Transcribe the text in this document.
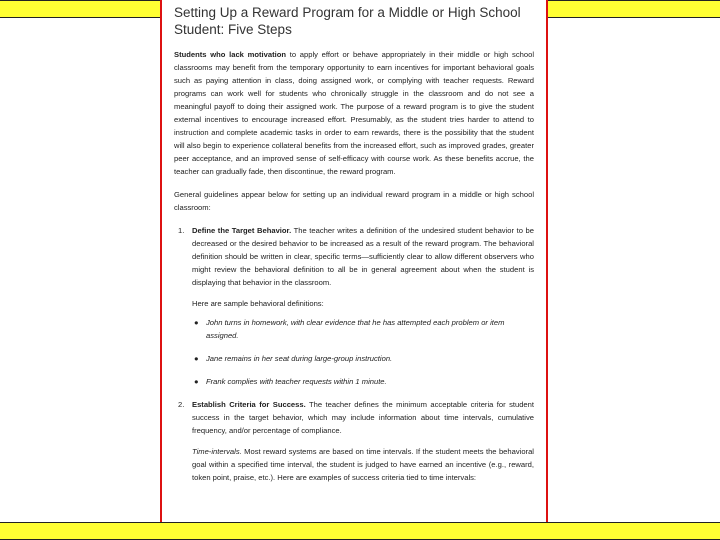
Setting Up a Reward Program for a Middle or High School Student: Five Steps

Students who lack motivation to apply effort or behave appropriately in their middle or high school classrooms may benefit from the temporary opportunity to earn incentives for important behavioral goals such as paying attention in class, doing assigned work, or complying with teacher requests. Reward programs can work well for students who chronically struggle in the classroom and do not see a meaningful payoff to doing their assigned work. The purpose of a reward program is to give the student external incentives to encourage increased effort. Presumably, as the student tries harder to attend to instruction and complete academic tasks in order to earn rewards, there is the possibility that the student will also begin to experience collateral benefits from the increased effort, such as improved grades, greater peer acceptance, and an improved sense of self-efficacy with course work. As these benefits accrue, the teacher can gradually fade, then discontinue, the reward program.

General guidelines appear below for setting up an individual reward program in a middle or high school classroom:

1. Define the Target Behavior. The teacher writes a definition of the undesired student behavior to be decreased or the desired behavior to be increased as a result of the reward program. The behavioral definition should be written in clear, specific terms—sufficiently clear to allow different observers who might review the behavioral definition to all be in general agreement about when the student is displaying that behavior in the classroom.
Here are sample behavioral definitions:
● John turns in homework, with clear evidence that he has attempted each problem or item assigned.
● Jane remains in her seat during large-group instruction.
● Frank complies with teacher requests within 1 minute.
2. Establish Criteria for Success. The teacher defines the minimum acceptable criteria for student success in the target behavior, which may include information about time intervals, cumulative frequency, and/or percentage of compliance.
Time-intervals. Most reward systems are based on time intervals. If the student meets the behavioral goal within a specified time interval, the student is judged to have earned an incentive (e.g., reward, token point, praise, etc.). Here are examples of success criteria tied to time intervals:
